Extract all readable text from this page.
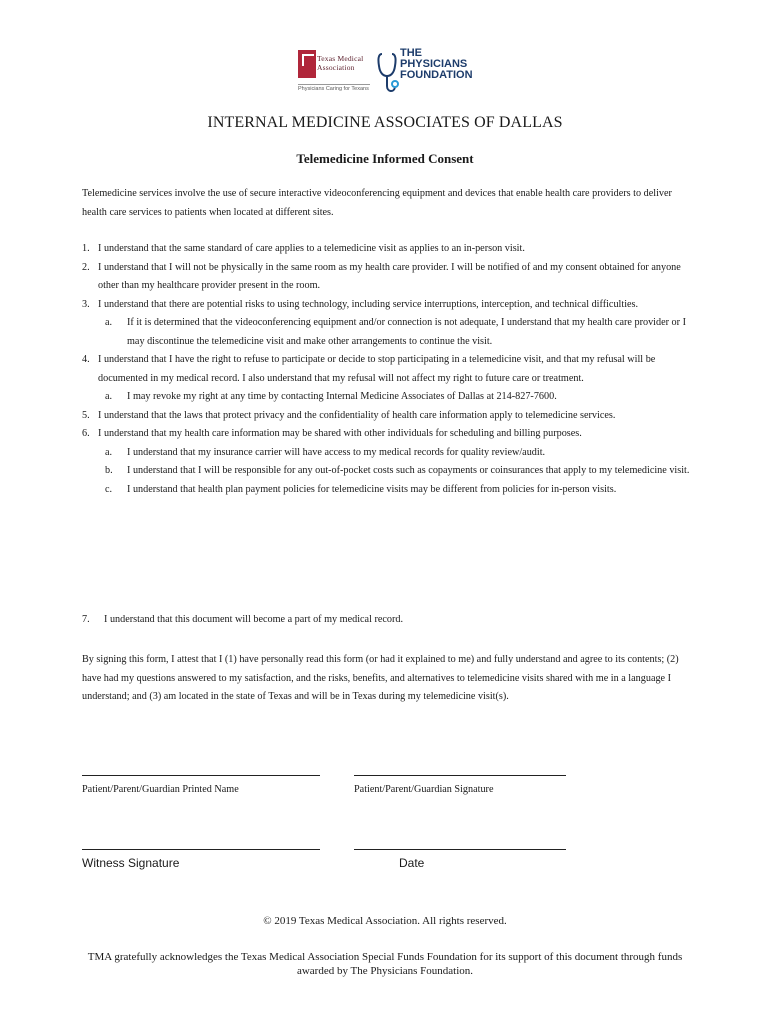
Texas Medical
Association
Physicians Caring for Texans
THE
PHYSICIANS
FOUNDATION
INTERNAL MEDICINE ASSOCIATES OF DALLAS
Telemedicine Informed Consent
Telemedicine services involve the use of secure interactive videoconferencing equipment and devices that enable health care providers to deliver health care services to patients when located at different sites.
1. I understand that the same standard of care applies to a telemedicine visit as applies to an in-person visit.
2. I understand that I will not be physically in the same room as my health care provider. I will be notified of and my consent obtained for anyone other than my healthcare provider present in the room.
3. I understand that there are potential risks to using technology, including service interruptions, interception, and technical difficulties.
a. If it is determined that the videoconferencing equipment and/or connection is not adequate, I understand that my health care provider or I may discontinue the telemedicine visit and make other arrangements to continue the visit.
4. I understand that I have the right to refuse to participate or decide to stop participating in a telemedicine visit, and that my refusal will be documented in my medical record. I also understand that my refusal will not affect my right to future care or treatment.
a. I may revoke my right at any time by contacting Internal Medicine Associates of Dallas at 214-827-7600.
5. I understand that the laws that protect privacy and the confidentiality of health care information apply to telemedicine services.
6. I understand that my health care information may be shared with other individuals for scheduling and billing purposes.
a. I understand that my insurance carrier will have access to my medical records for quality review/audit.
b. I understand that I will be responsible for any out-of-pocket costs such as copayments or coinsurances that apply to my telemedicine visit.
c. I understand that health plan payment policies for telemedicine visits may be different from policies for in-person visits.
7. I understand that this document will become a part of my medical record.
By signing this form, I attest that I (1) have personally read this form (or had it explained to me) and fully understand and agree to its contents; (2) have had my questions answered to my satisfaction, and the risks, benefits, and alternatives to telemedicine visits shared with me in a language I understand; and (3) am located in the state of Texas and will be in Texas during my telemedicine visit(s).
Patient/Parent/Guardian Printed Name	Patient/Parent/Guardian Signature
Witness Signature	Date
© 2019 Texas Medical Association. All rights reserved.
TMA gratefully acknowledges the Texas Medical Association Special Funds Foundation for its support of this document through funds awarded by The Physicians Foundation.
